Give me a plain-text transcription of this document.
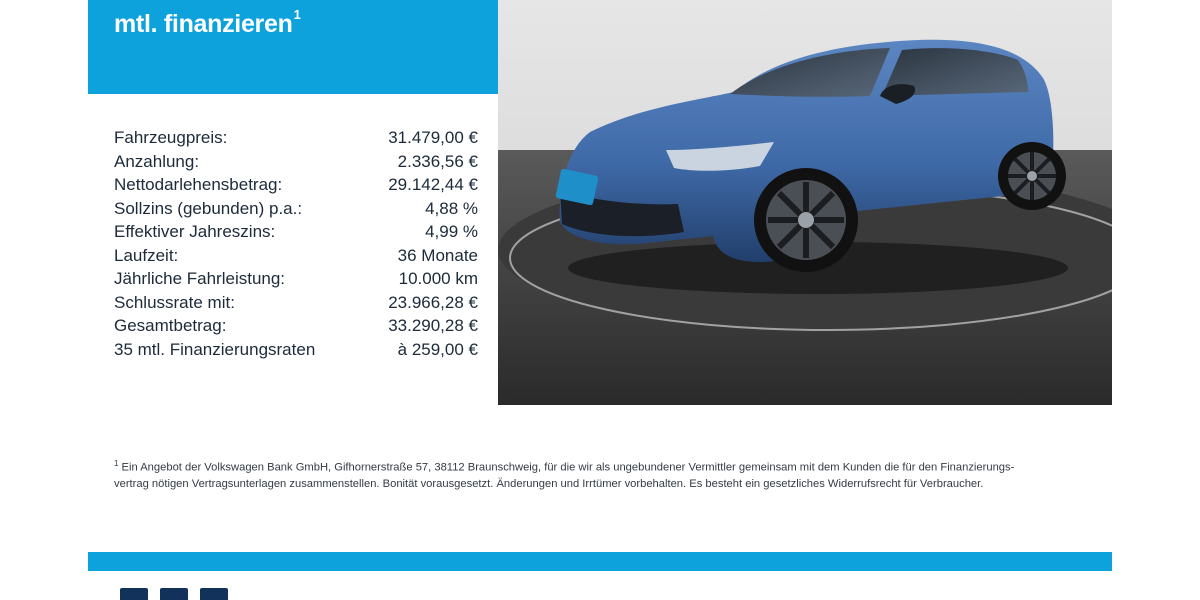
mtl. finanzieren$^1$
Fahrzeugpreis:	31.479,00 €
Anzahlung:	2.336,56 €
Nettodarlehensbetrag:	29.142,44 €
Sollzins (gebunden) p.a.:	4,88 %
Effektiver Jahreszins:	4,99 %
Laufzeit:	36 Monate
Jährliche Fahrleistung:	10.000 km
Schlussrate mit:	23.966,28 €
Gesamtbetrag:	33.290,28 €
35 mtl. Finanzierungsraten	à 259,00 €
$^1$ Ein Angebot der Volkswagen Bank GmbH, Gifhornerstraße 57, 38112 Braunschweig, für die wir als ungebundener Vermittler gemeinsam mit dem Kunden die für den Finanzierungs-vertrag nötigen Vertragsunterlagen zusammenstellen. Bonität vorausgesetzt. Änderungen und Irrtümer vorbehalten. Es besteht ein gesetzliches Widerrufsrecht für Verbraucher.
